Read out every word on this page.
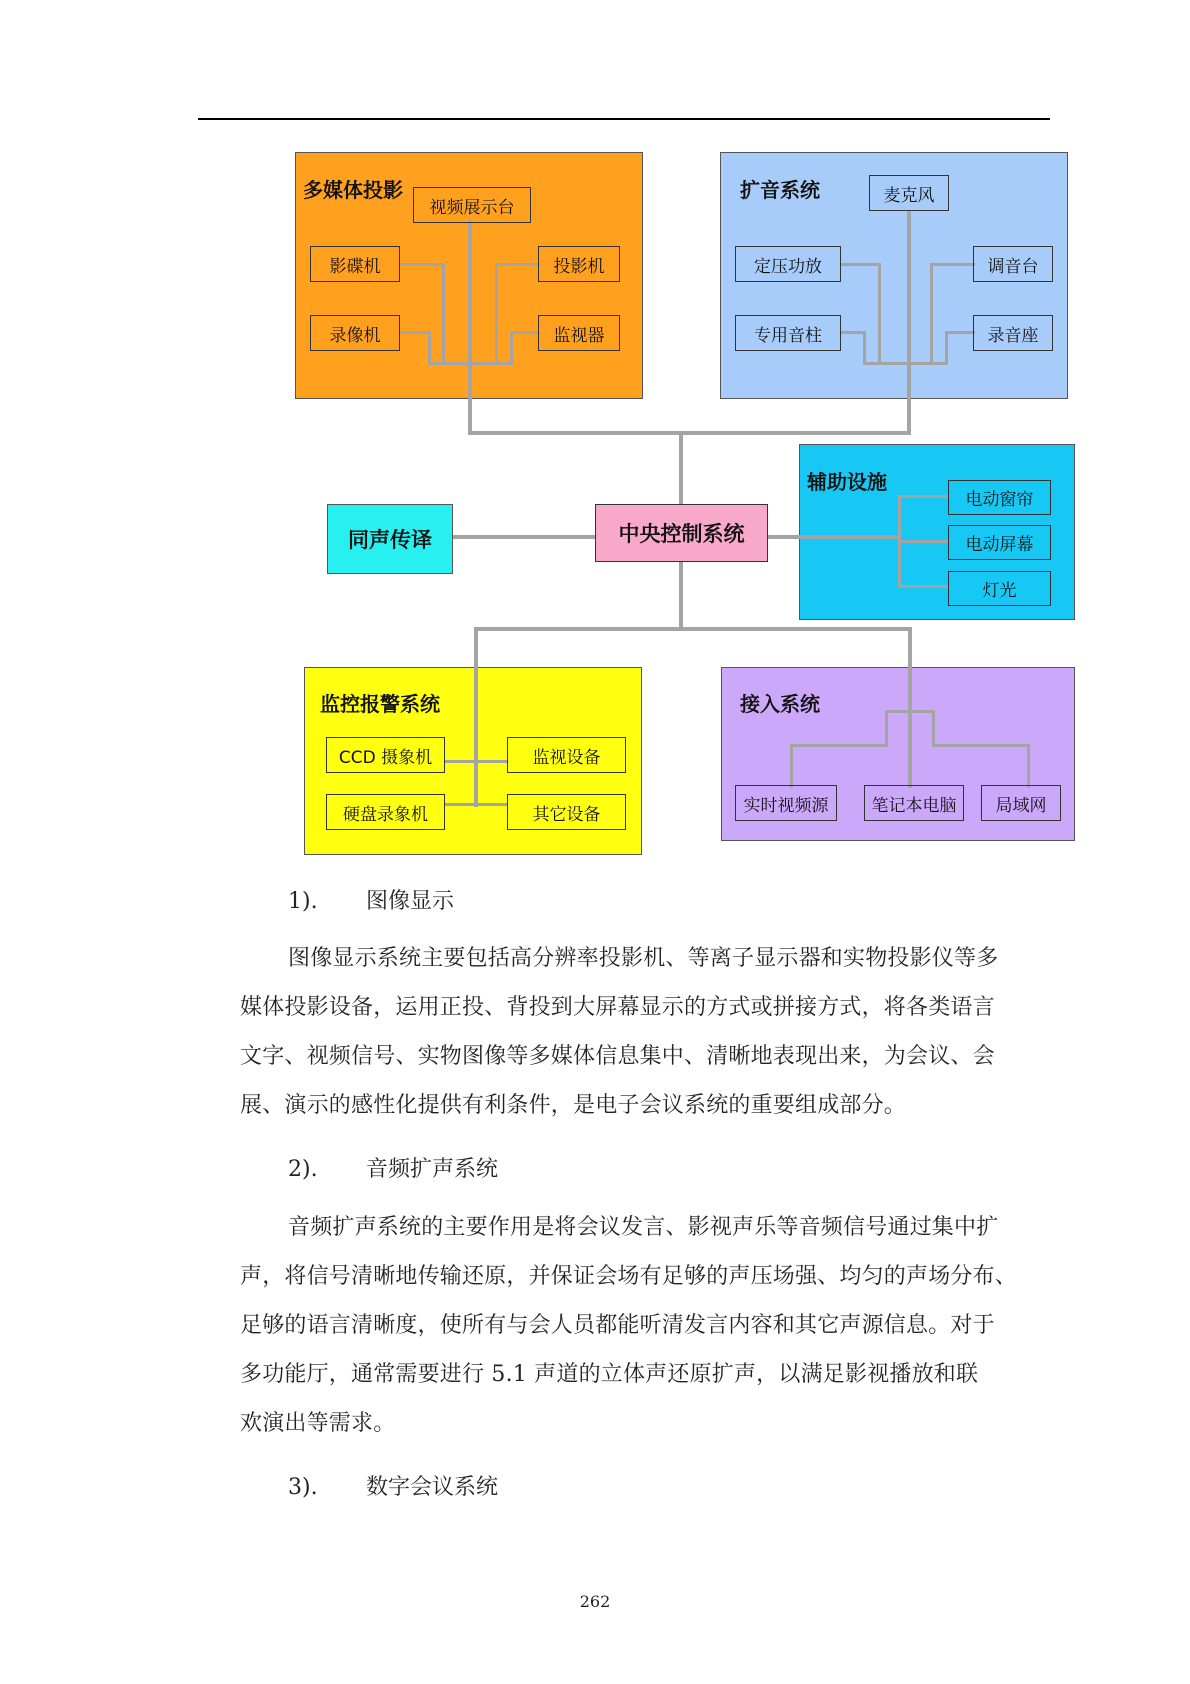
多媒体投影	扩音系统
辅助设施
监控报警系统	接入系统
视频展示台
影碟机	投影机
录像机	监视器
麦克风
定压功放	调音台
专用音柱	录音座
电动窗帘
电动屏幕
灯光
中央控制系统
同声传译
CCD 摄象机	监视设备
硬盘录象机	其它设备	实时视频源	笔记本电脑	局域网
1). 图像显示
图像显示系统主要包括高分辨率投影机、等离子显示器和实物投影仪等多
媒体投影设备，运用正投、背投到大屏幕显示的方式或拼接方式，将各类语言
文字、视频信号、实物图像等多媒体信息集中、清晰地表现出来，为会议、会
展、演示的感性化提供有利条件，是电子会议系统的重要组成部分。
2). 音频扩声系统
音频扩声系统的主要作用是将会议发言、影视声乐等音频信号通过集中扩
声，将信号清晰地传输还原，并保证会场有足够的声压场强、均匀的声场分布、
足够的语言清晰度，使所有与会人员都能听清发言内容和其它声源信息。对于
多功能厅，通常需要进行 5.1 声道的立体声还原扩声，以满足影视播放和联
欢演出等需求。
3). 数字会议系统
262
